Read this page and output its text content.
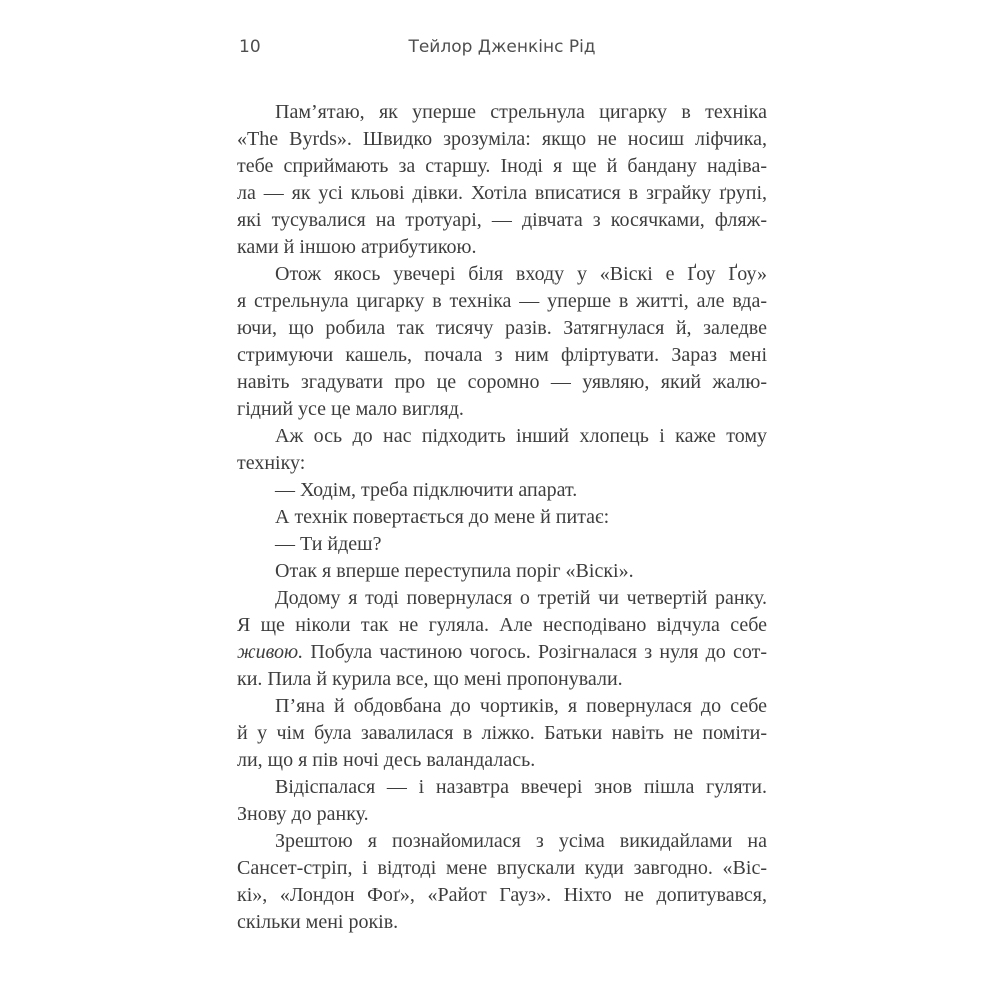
10	Тейлор Дженкінс Рід
Пам’ятаю, як уперше стрельнула цигарку в техніка
«The Byrds». Швидко зрозуміла: якщо не носиш ліфчика,
тебе сприймають за старшу. Іноді я ще й бандану надіва-
ла — як усі кльові дівки. Хотіла вписатися в зграйку ґрупі,
які тусувалися на тротуарі, — дівчата з косячками, фляж-
ками й іншою атрибутикою.
Отож якось увечері біля входу у «Віскі е Ґоу Ґоу»
я стрельнула цигарку в техніка — уперше в житті, але вда-
ючи, що робила так тисячу разів. Затягнулася й, заледве
стримуючи кашель, почала з ним фліртувати. Зараз мені
навіть згадувати про це соромно — уявляю, який жалю-
гідний усе це мало вигляд.
Аж ось до нас підходить інший хлопець і каже тому
техніку:
— Ходім, треба підключити апарат.
А технік повертається до мене й питає:
— Ти йдеш?
Отак я вперше переступила поріг «Віскі».
Додому я тоді повернулася о третій чи четвертій ранку.
Я ще ніколи так не гуляла. Але несподівано відчула себе
живою. Побула частиною чогось. Розігналася з нуля до сот-
ки. Пила й курила все, що мені пропонували.
П’яна й обдовбана до чортиків, я повернулася до себе
й у чім була завалилася в ліжко. Батьки навіть не поміти-
ли, що я пів ночі десь валандалась.
Відіспалася — і назавтра ввечері знов пішла гуляти.
Знову до ранку.
Зрештою я познайомилася з усіма викидайлами на
Сансет-стріп, і відтоді мене впускали куди завгодно. «Віс-
кі», «Лондон Фоґ», «Райот Гауз». Ніхто не допитувався,
скільки мені років.
